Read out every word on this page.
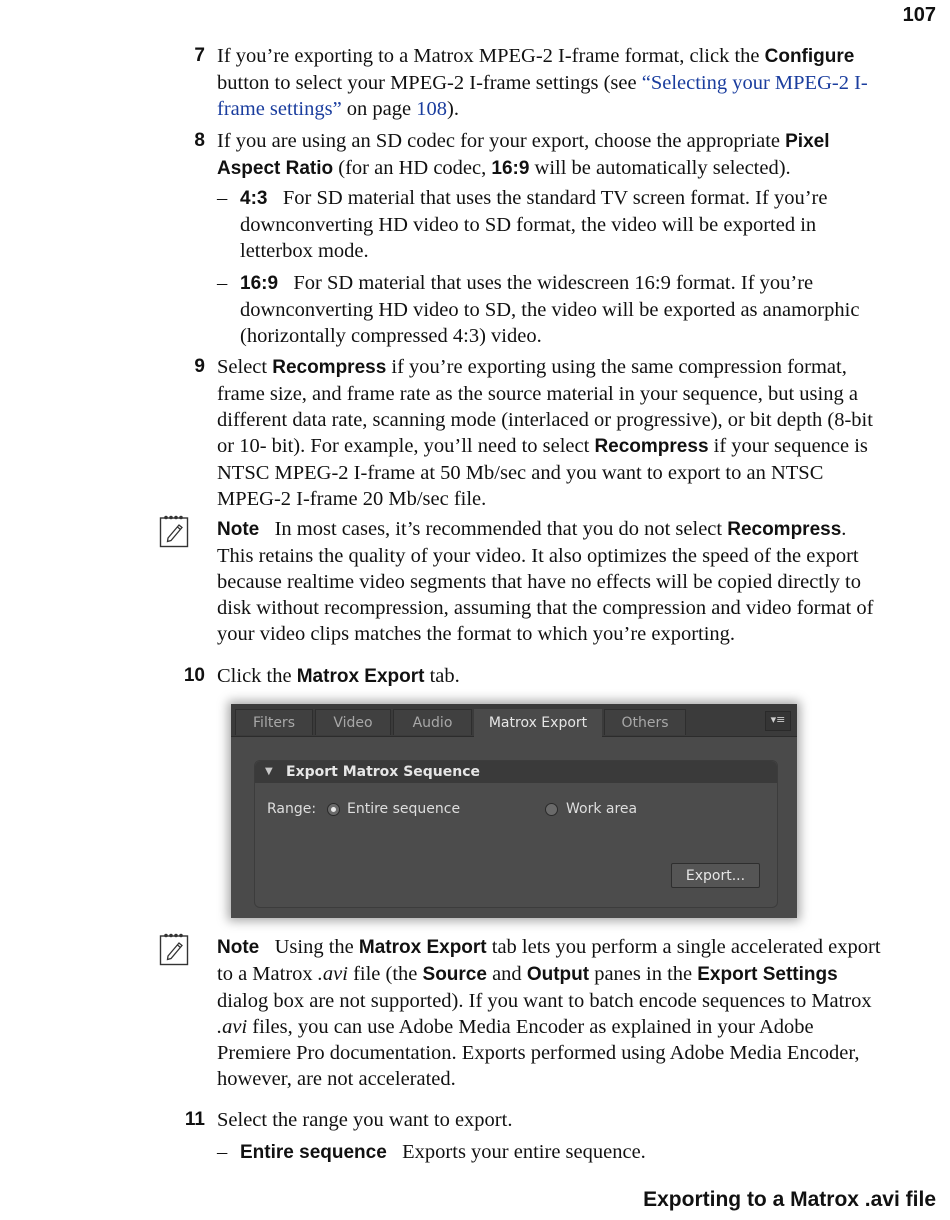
107
7 If you’re exporting to a Matrox MPEG-2 I-frame format, click the Configure button to select your MPEG-2 I-frame settings (see “Selecting your MPEG-2 I-frame settings” on page 108).
8 If you are using an SD codec for your export, choose the appropriate Pixel Aspect Ratio (for an HD codec, 16:9 will be automatically selected).
– 4:3 For SD material that uses the standard TV screen format. If you’re downconverting HD video to SD format, the video will be exported in letterbox mode.
– 16:9 For SD material that uses the widescreen 16:9 format. If you’re downconverting HD video to SD, the video will be exported as anamorphic (horizontally compressed 4:3) video.
9 Select Recompress if you’re exporting using the same compression format, frame size, and frame rate as the source material in your sequence, but using a different data rate, scanning mode (interlaced or progressive), or bit depth (8-bit or 10- bit). For example, you’ll need to select Recompress if your sequence is NTSC MPEG-2 I-frame at 50 Mb/sec and you want to export to an NTSC MPEG-2 I-frame 20 Mb/sec file.
Note In most cases, it’s recommended that you do not select Recompress. This retains the quality of your video. It also optimizes the speed of the export because realtime video segments that have no effects will be copied directly to disk without recompression, assuming that the compression and video format of your video clips matches the format to which you’re exporting.
10 Click the Matrox Export tab.
Filters	Video	Audio	Matrox Export	Others	▾≡
▼ Export Matrox Sequence
Range: Entire sequence	Work area
Export...
Note Using the Matrox Export tab lets you perform a single accelerated export to a Matrox .avi file (the Source and Output panes in the Export Settings dialog box are not supported). If you want to batch encode sequences to Matrox .avi files, you can use Adobe Media Encoder as explained in your Adobe Premiere Pro documentation. Exports performed using Adobe Media Encoder, however, are not accelerated.
11 Select the range you want to export.
– Entire sequence Exports your entire sequence.
Exporting to a Matrox .avi file
